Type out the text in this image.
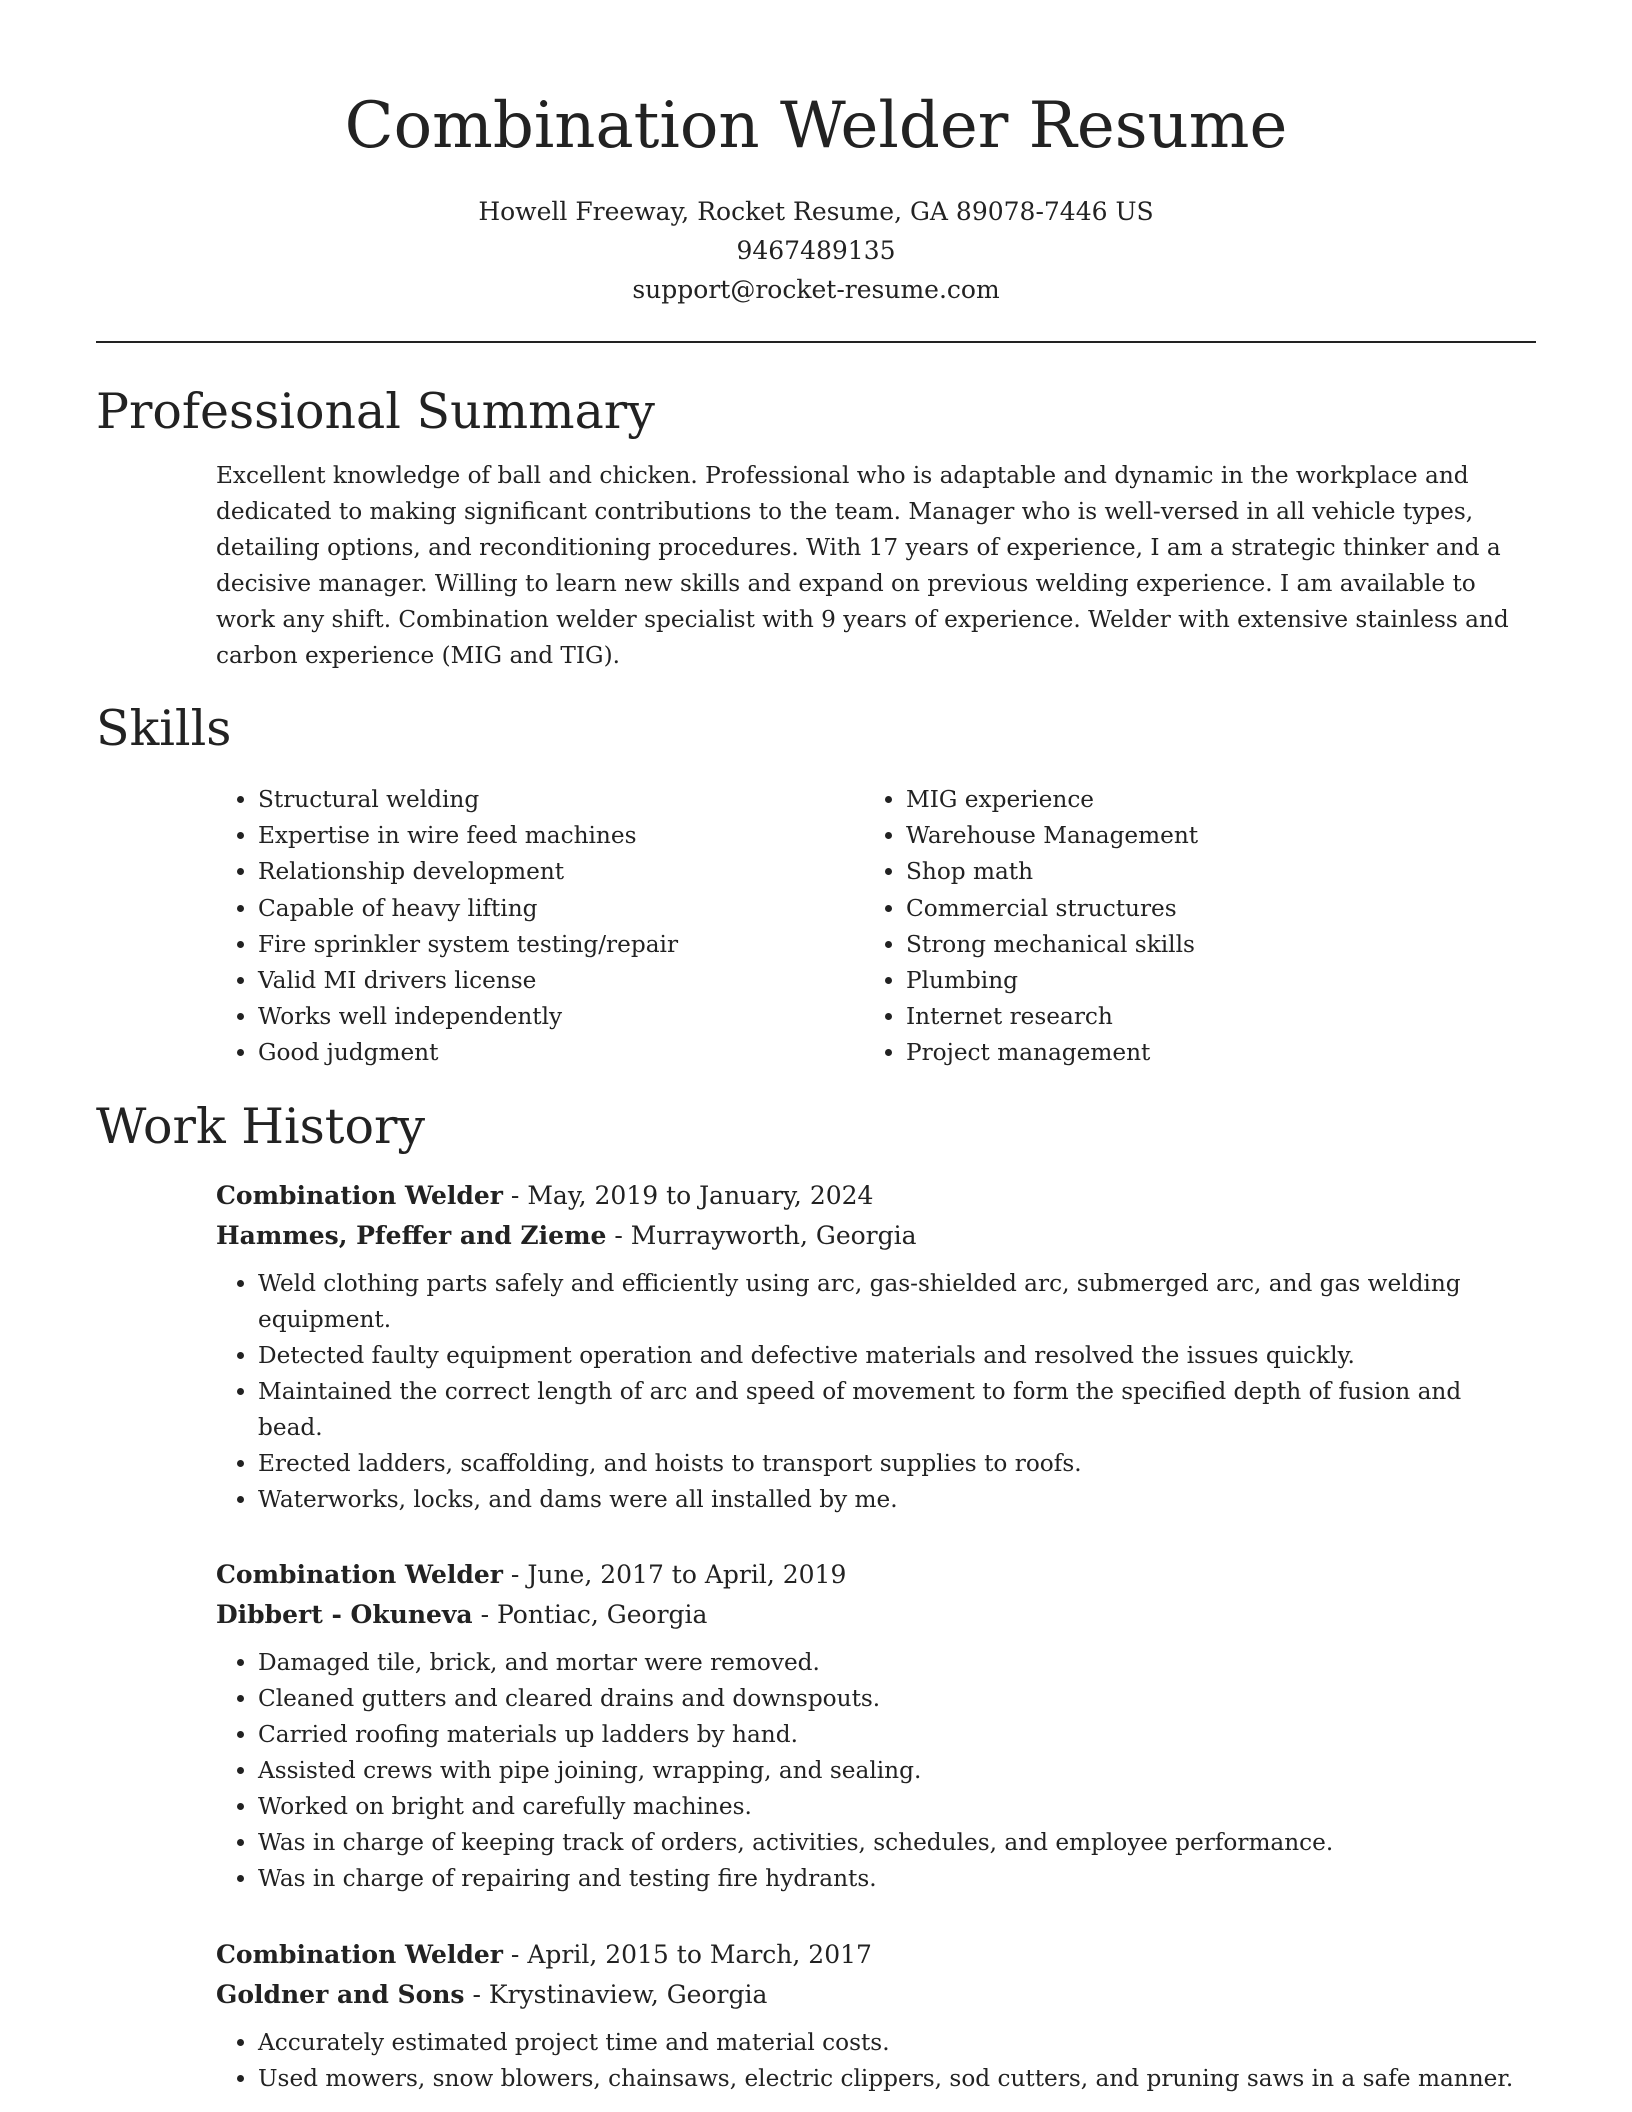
Combination Welder Resume
Howell Freeway, Rocket Resume, GA 89078-7446 US
9467489135
support@rocket-resume.com
Professional Summary

Excellent knowledge of ball and chicken. Professional who is adaptable and dynamic in the workplace and dedicated to making significant contributions to the team. Manager who is well-versed in all vehicle types, detailing options, and reconditioning procedures. With 17 years of experience, I am a strategic thinker and a decisive manager. Willing to learn new skills and expand on previous welding experience. I am available to work any shift. Combination welder specialist with 9 years of experience. Welder with extensive stainless and carbon experience (MIG and TIG).

Skills
• Structural welding
• Expertise in wire feed machines
• Relationship development
• Capable of heavy lifting
• Fire sprinkler system testing/repair
• Valid MI drivers license
• Works well independently
• Good judgment
• MIG experience
• Warehouse Management
• Shop math
• Commercial structures
• Strong mechanical skills
• Plumbing
• Internet research
• Project management
Work History
Combination Welder - May, 2019 to January, 2024
Hammes, Pfeffer and Zieme - Murrayworth, Georgia
• Weld clothing parts safely and efficiently using arc, gas-shielded arc, submerged arc, and gas welding equipment.
• Detected faulty equipment operation and defective materials and resolved the issues quickly.
• Maintained the correct length of arc and speed of movement to form the specified depth of fusion and bead.
• Erected ladders, scaffolding, and hoists to transport supplies to roofs.
• Waterworks, locks, and dams were all installed by me.
Combination Welder - June, 2017 to April, 2019
Dibbert - Okuneva - Pontiac, Georgia
• Damaged tile, brick, and mortar were removed.
• Cleaned gutters and cleared drains and downspouts.
• Carried roofing materials up ladders by hand.
• Assisted crews with pipe joining, wrapping, and sealing.
• Worked on bright and carefully machines.
• Was in charge of keeping track of orders, activities, schedules, and employee performance.
• Was in charge of repairing and testing fire hydrants.
Combination Welder - April, 2015 to March, 2017
Goldner and Sons - Krystinaview, Georgia
• Accurately estimated project time and material costs.
• Used mowers, snow blowers, chainsaws, electric clippers, sod cutters, and pruning saws in a safe manner.
